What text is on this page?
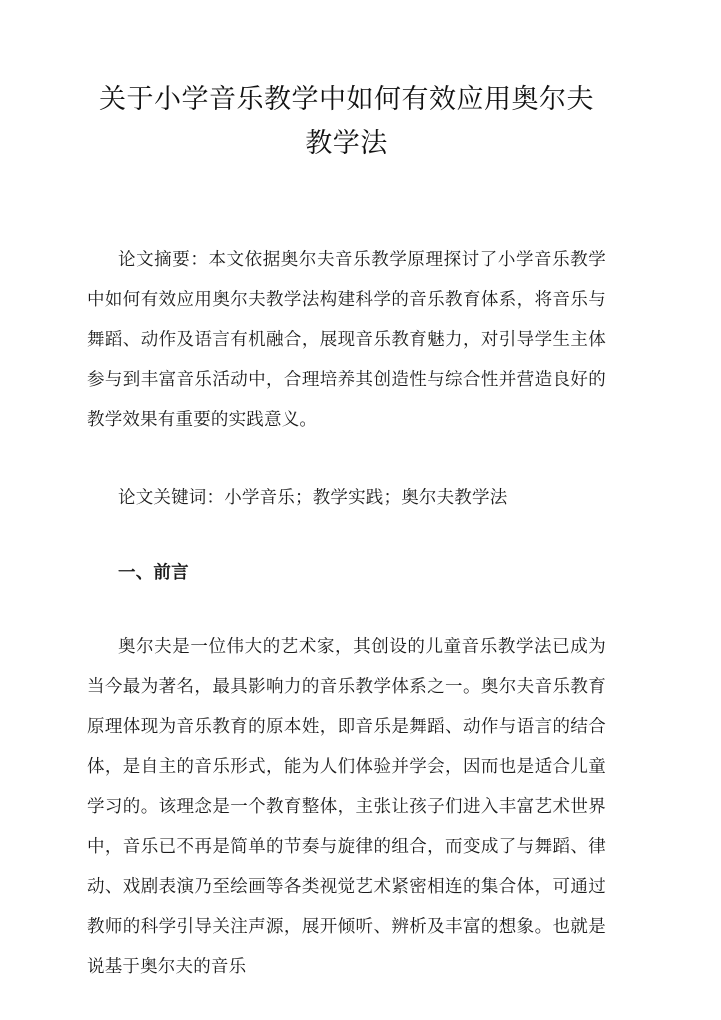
关于小学音乐教学中如何有效应用奥尔夫
教学法

论文摘要：本文依据奥尔夫音乐教学原理探讨了小学音乐教学中如何有效应用奥尔夫教学法构建科学的音乐教育体系，将音乐与舞蹈、动作及语言有机融合，展现音乐教育魅力，对引导学生主体参与到丰富音乐活动中，合理培养其创造性与综合性并营造良好的教学效果有重要的实践意义。

论文关键词：小学音乐；教学实践；奥尔夫教学法

一、前言

奥尔夫是一位伟大的艺术家，其创设的儿童音乐教学法已成为当今最为著名，最具影响力的音乐教学体系之一。奥尔夫音乐教育原理体现为音乐教育的原本姓，即音乐是舞蹈、动作与语言的结合体，是自主的音乐形式，能为人们体验并学会，因而也是适合儿童学习的。该理念是一个教育整体，主张让孩子们进入丰富艺术世界中，音乐已不再是简单的节奏与旋律的组合，而变成了与舞蹈、律动、戏剧表演乃至绘画等各类视觉艺术紧密相连的集合体，可通过教师的科学引导关注声源，展开倾听、辨析及丰富的想象。也就是说基于奥尔夫的音乐
